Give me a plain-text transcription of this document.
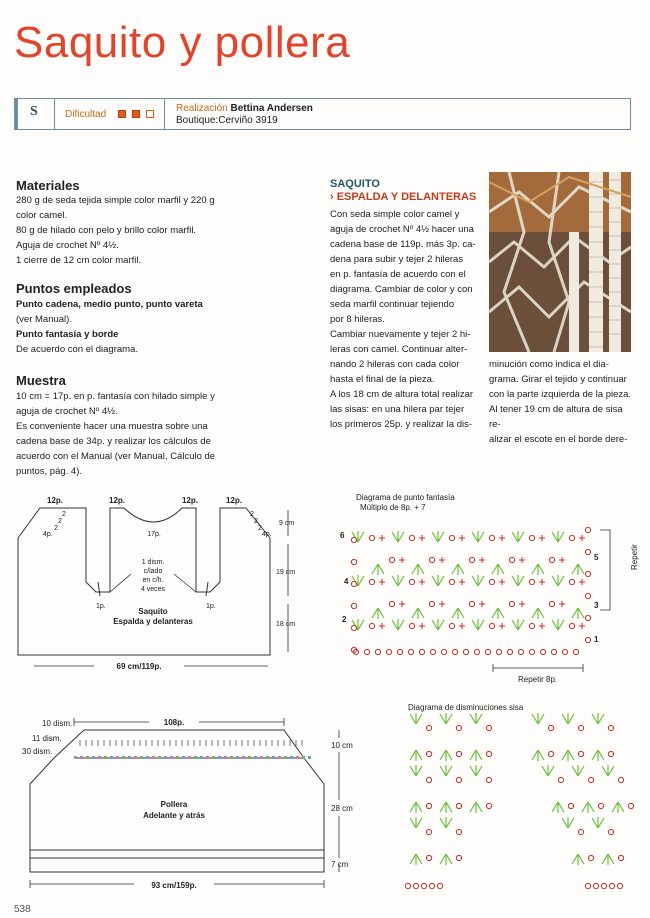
Saquito y pollera
S	Dificultad
Realización Bettina Andersen
Boutique:Cerviño 3919
Materiales
280 g de seda tejida simple color marfil y 220 g
color camel.
80 g de hilado con pelo y brillo color marfil.
Aguja de crochet Nº 4½.
1 cierre de 12 cm color marfil.
Puntos empleados
Punto cadena, medio punto, punto vareta
(ver Manual).
Punto fantasía y borde
De acuerdo con el diagrama.
Muestra
10 cm = 17p. en p. fantasía con hilado simple y
aguja de crochet Nº 4½.
Es conveniente hacer una muestra sobre una
cadena base de 34p. y realizar los cálculos de
acuerdo con el Manual (ver Manual, Cálculo de
puntos, pág. 4).
SAQUITO
› ESPALDA Y DELANTERAS
Con seda simple color camel y
aguja de crochet Nº 4½ hacer una
cadena base de 119p. más 3p. ca-
dena para subir y tejer 2 hileras
en p. fantasía de acuerdo con el
diagrama. Cambiar de color y con
seda marfil continuar tejiendo
por 8 hileras.
Cambiar nuevamente y tejer 2 hi-
leras con camel. Continuar alter-
nando 2 hileras con cada color
hasta el final de la pieza.
A los 18 cm de altura total realizar
las sisas: en una hilera par tejer
los primeros 25p. y realizar la dis-
minución como indica el dia-
grama. Girar el tejido y continuar
con la parte izquierda de la pieza.
Al tener 19 cm de altura de sisa re-
alizar el escote en el borde dere-
12p.	12p.	12p.	12p.
4p.
2
2
2	2
2
2
4p.
17p.
1 dism.
c/lado
en c/h.
4 veces
1p.	1p.
9 cm
19 cm
18 cm
Saquito
Espalda y delanteras
69 cm/119p.
Diagrama de punto fantasía
Múltiplo de 8p. + 7
6
4
2
5
3
1
Repetir
Repetir 8p.
10 dism.
11 dism.
30 dism.
10 cm
28 cm
7 cm
108p.
Pollera
Adelante y atrás
93 cm/159p.
Diagrama de disminuciones sisa
538
